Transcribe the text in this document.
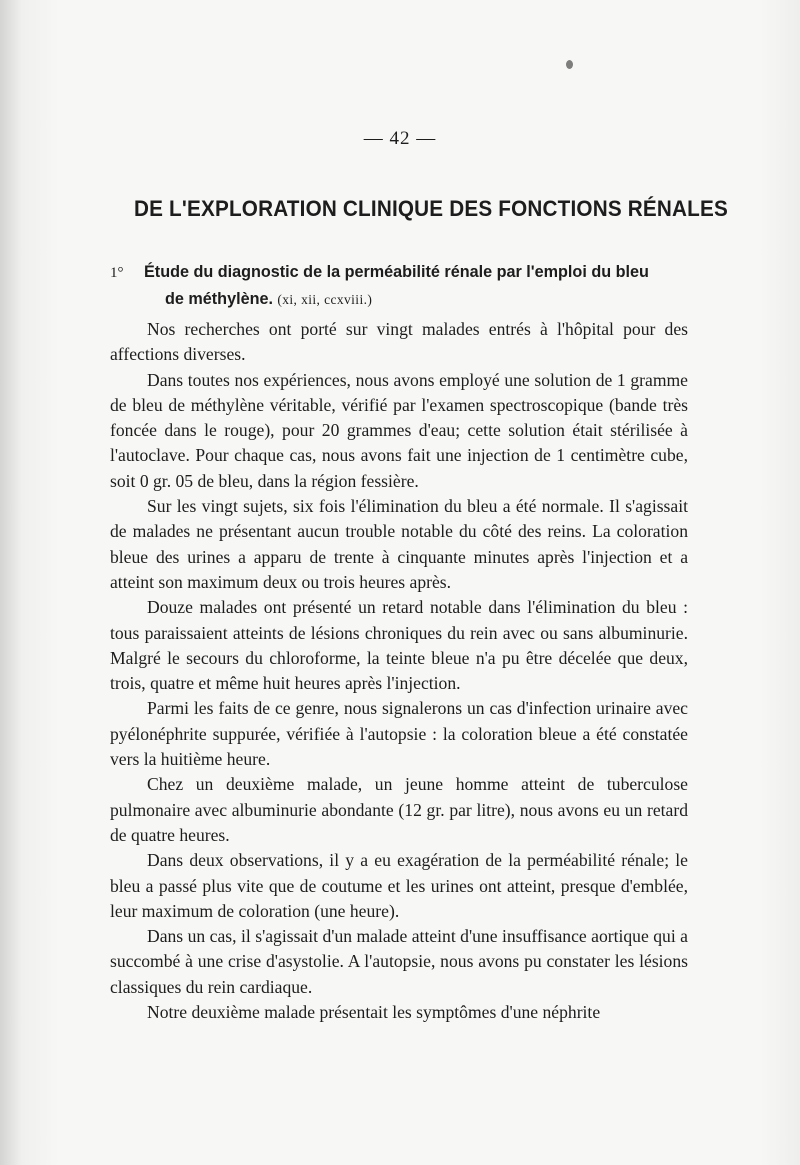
— 42 —
DE L'EXPLORATION CLINIQUE DES FONCTIONS RÉNALES
1° Étude du diagnostic de la perméabilité rénale par l'emploi du bleu
de méthylène. (xi, xii, ccxviii.)

Nos recherches ont porté sur vingt malades entrés à l'hôpital pour des affections diverses.

Dans toutes nos expériences, nous avons employé une solution de 1 gramme de bleu de méthylène véritable, vérifié par l'examen spectroscopique (bande très foncée dans le rouge), pour 20 grammes d'eau; cette solution était stérilisée à l'autoclave. Pour chaque cas, nous avons fait une injection de 1 centimètre cube, soit 0 gr. 05 de bleu, dans la région fessière.

Sur les vingt sujets, six fois l'élimination du bleu a été normale. Il s'agissait de malades ne présentant aucun trouble notable du côté des reins. La coloration bleue des urines a apparu de trente à cinquante minutes après l'injection et a atteint son maximum deux ou trois heures après.

Douze malades ont présenté un retard notable dans l'élimination du bleu : tous paraissaient atteints de lésions chroniques du rein avec ou sans albuminurie. Malgré le secours du chloroforme, la teinte bleue n'a pu être décelée que deux, trois, quatre et même huit heures après l'injection.

Parmi les faits de ce genre, nous signalerons un cas d'infection urinaire avec pyélonéphrite suppurée, vérifiée à l'autopsie : la coloration bleue a été constatée vers la huitième heure.

Chez un deuxième malade, un jeune homme atteint de tuberculose pulmonaire avec albuminurie abondante (12 gr. par litre), nous avons eu un retard de quatre heures.

Dans deux observations, il y a eu exagération de la perméabilité rénale; le bleu a passé plus vite que de coutume et les urines ont atteint, presque d'emblée, leur maximum de coloration (une heure).

Dans un cas, il s'agissait d'un malade atteint d'une insuffisance aortique qui a succombé à une crise d'asystolie. A l'autopsie, nous avons pu constater les lésions classiques du rein cardiaque.

Notre deuxième malade présentait les symptômes d'une néphrite
